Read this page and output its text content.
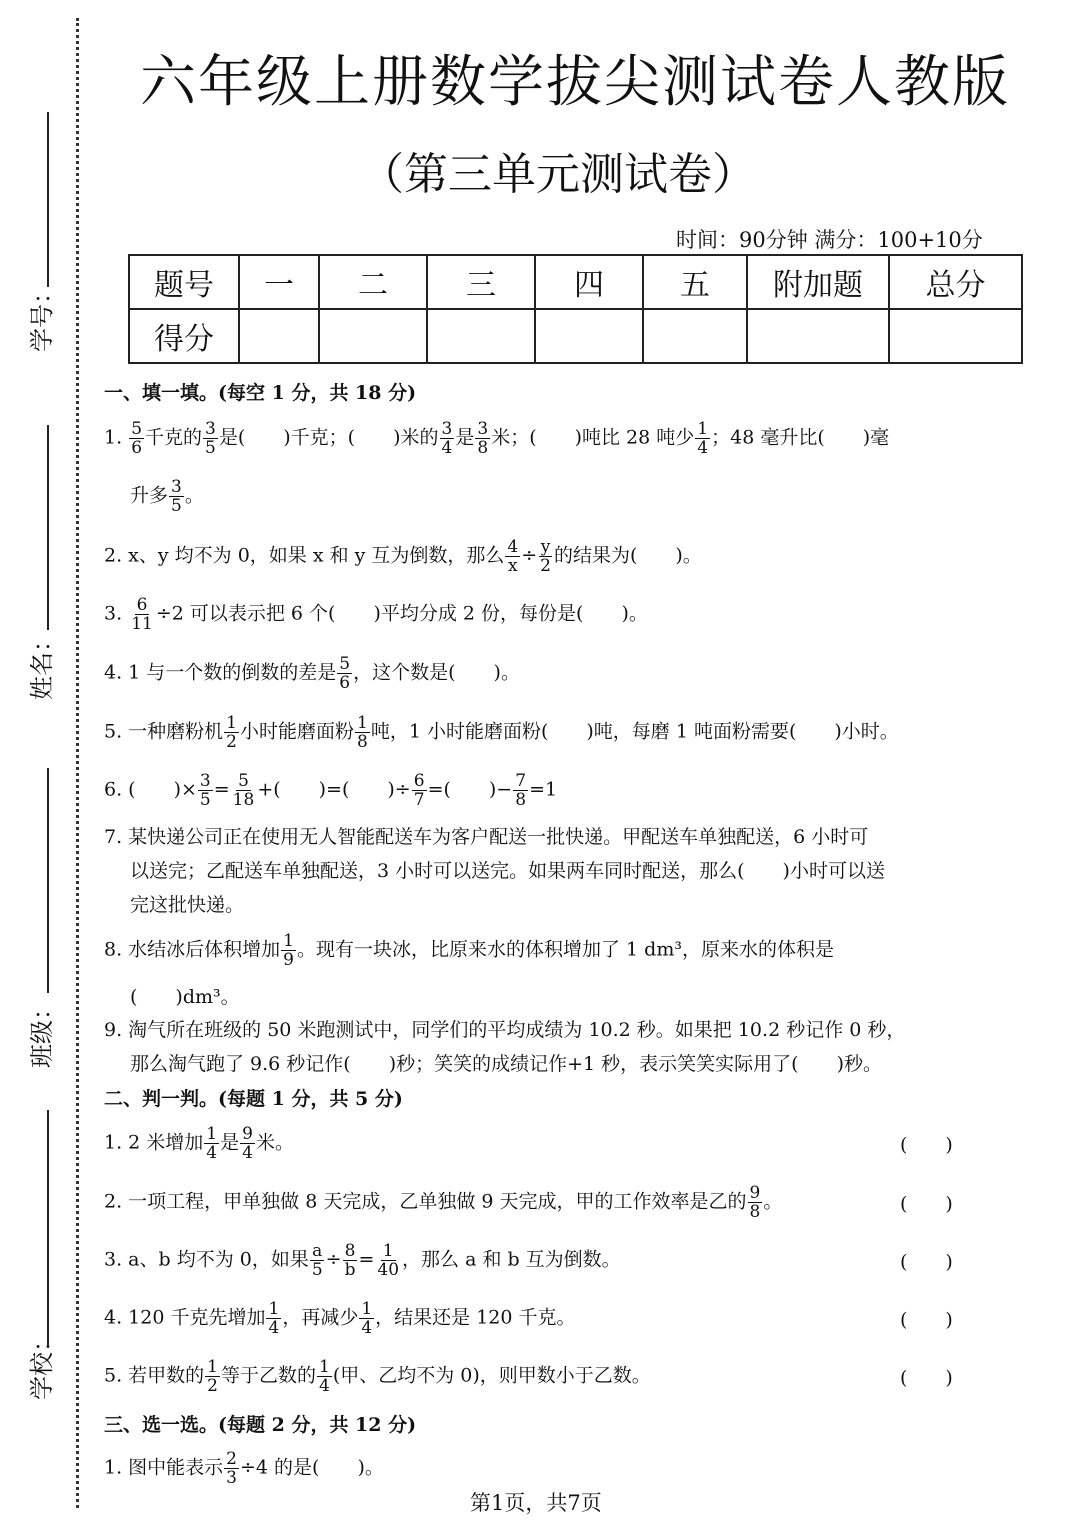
学号：
姓名：
班级：
学校：
六年级上册数学拔尖测试卷人教版
（第三单元测试卷）
时间：90分钟 满分：100+10分
题号	一	二	三	四	五	附加题	总分
得分							
一、填一填。(每空 1 分，共 18 分)
1. $\frac{5}{6}$ 千克的 $\frac{3}{5}$ 是(　　)千克；(　　)米的 $\frac{3}{4}$ 是 $\frac{3}{8}$ 米；(　　)吨比 28 吨少 $\frac{1}{4}$ ；48 毫升比(　　)毫
升多 $\frac{3}{5}$ 。
2. x、y 均不为 0，如果 x 和 y 互为倒数，那么 $\frac{4}{x} \div \frac{y}{2}$ 的结果为(　　)。
3. $\frac{6}{11} \div 2$ 可以表示把 6 个(　　)平均分成 2 份，每份是(　　)。
4. 1 与一个数的倒数的差是 $\frac{5}{6}$ ，这个数是(　　)。
5. 一种磨粉机 $\frac{1}{2}$ 小时能磨面粉 $\frac{1}{8}$ 吨，1 小时能磨面粉(　　)吨，每磨 1 吨面粉需要(　　)小时。
6. (　　)× $\frac{3}{5} = \frac{5}{18}$ +(　　)=(　　)÷ $\frac{6}{7}$ =(　　)− $\frac{7}{8} =1$
7. 某快递公司正在使用无人智能配送车为客户配送一批快递。甲配送车单独配送，6 小时可
以送完；乙配送车单独配送，3 小时可以送完。如果两车同时配送，那么(　　)小时可以送
完这批快递。
8. 水结冰后体积增加 $\frac{1}{9}$ 。现有一块冰，比原来水的体积增加了 1 dm³，原来水的体积是
(　　)dm³。
9. 淘气所在班级的 50 米跑测试中，同学们的平均成绩为 10.2 秒。如果把 10.2 秒记作 0 秒，
那么淘气跑了 9.6 秒记作(　　)秒；笑笑的成绩记作+1 秒，表示笑笑实际用了(　　)秒。
二、判一判。(每题 1 分，共 5 分)
1. 2 米增加 $\frac{1}{4}$ 是 $\frac{9}{4}$ 米。	(　　)
2. 一项工程，甲单独做 8 天完成，乙单独做 9 天完成，甲的工作效率是乙的 $\frac{9}{8}$ 。	(　　)
3. a、b 均不为 0，如果 $\frac{a}{5} \div \frac{8}{b} = \frac{1}{40}$ ，那么 a 和 b 互为倒数。	(　　)
4. 120 千克先增加 $\frac{1}{4}$ ，再减少 $\frac{1}{4}$ ，结果还是 120 千克。	(　　)
5. 若甲数的 $\frac{1}{2}$ 等于乙数的 $\frac{1}{4}$ (甲、乙均不为 0)，则甲数小于乙数。	(　　)
三、选一选。(每题 2 分，共 12 分)
1. 图中能表示 $\frac{2}{3} \div 4$ 的是(　　)。
第1页，共7页
